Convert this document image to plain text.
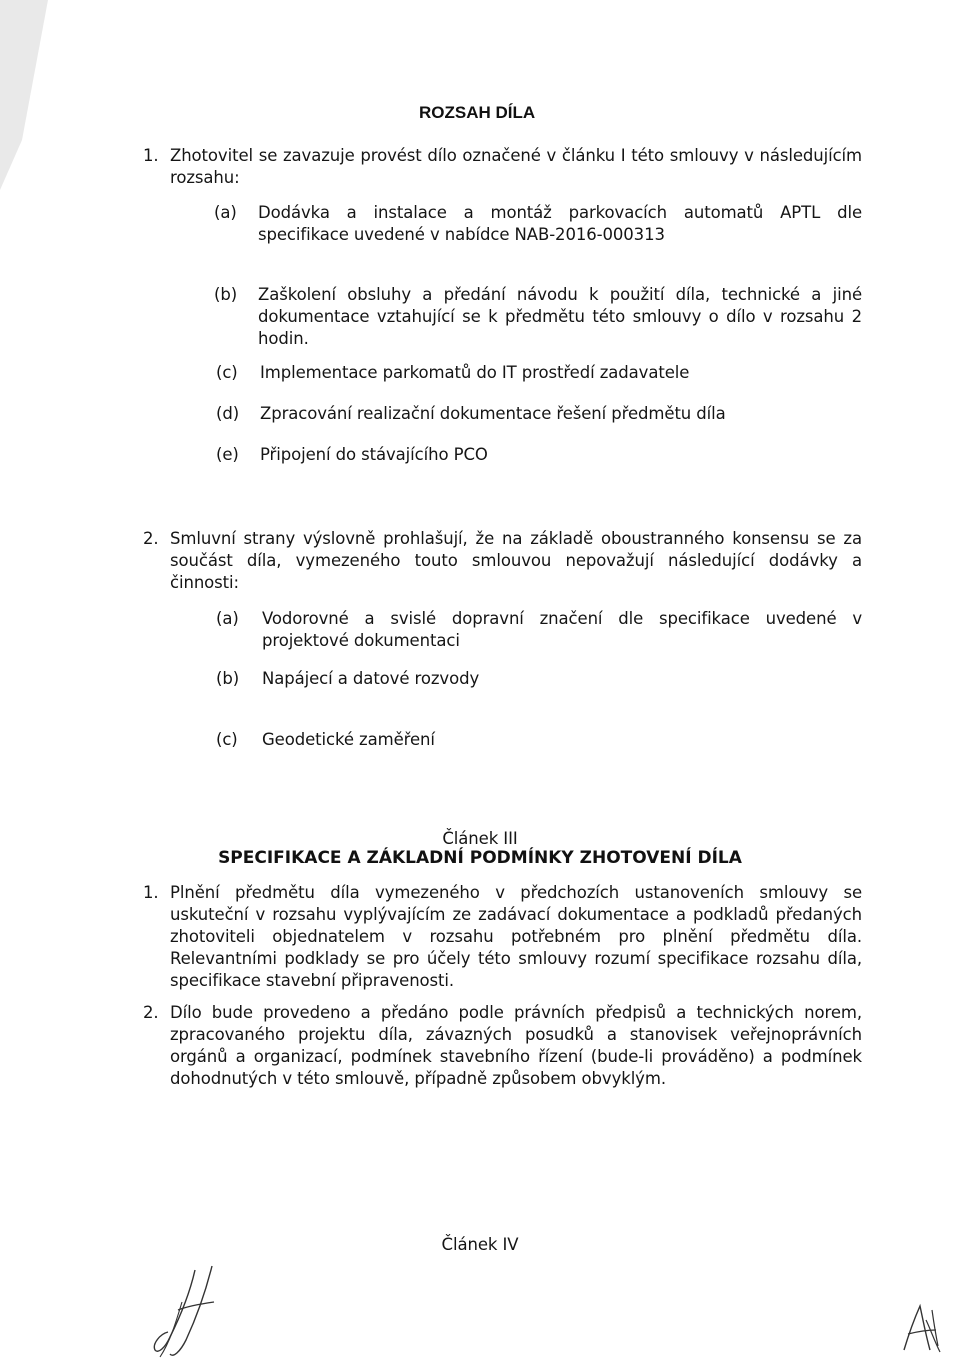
ROZSAH DÍLA
1. Zhotovitel se zavazuje provést dílo označené v článku I této smlouvy v následujícím rozsahu:
(a) Dodávka a instalace a montáž parkovacích automatů APTL dle specifikace uvedené v nabídce NAB-2016-000313
(b) Zaškolení obsluhy a předání návodu k použití díla, technické a jiné dokumentace vztahující se k předmětu této smlouvy o dílo v rozsahu 2 hodin.
(c) Implementace parkomatů do IT prostředí zadavatele
(d) Zpracování realizační dokumentace řešení předmětu díla
(e) Připojení do stávajícího PCO
2. Smluvní strany výslovně prohlašují, že na základě oboustranného konsensu se za součást díla, vymezeného touto smlouvou nepovažují následující dodávky a činnosti:
(a) Vodorovné a svislé dopravní značení dle specifikace uvedené v projektové dokumentaci
(b) Napájecí a datové rozvody
(c) Geodetické zaměření
Článek III
SPECIFIKACE A ZÁKLADNÍ PODMÍNKY ZHOTOVENÍ DÍLA
1. Plnění předmětu díla vymezeného v předchozích ustanoveních smlouvy se uskuteční v rozsahu vyplývajícím ze zadávací dokumentace a podkladů předaných zhotoviteli objednatelem v rozsahu potřebném pro plnění předmětu díla. Relevantními podklady se pro účely této smlouvy rozumí specifikace rozsahu díla, specifikace stavební připravenosti.
2. Dílo bude provedeno a předáno podle právních předpisů a technických norem, zpracovaného projektu díla, závazných posudků a stanovisek veřejnoprávních orgánů a organizací, podmínek stavebního řízení (bude-li prováděno) a podmínek dohodnutých v této smlouvě, případně způsobem obvyklým.
Článek IV
